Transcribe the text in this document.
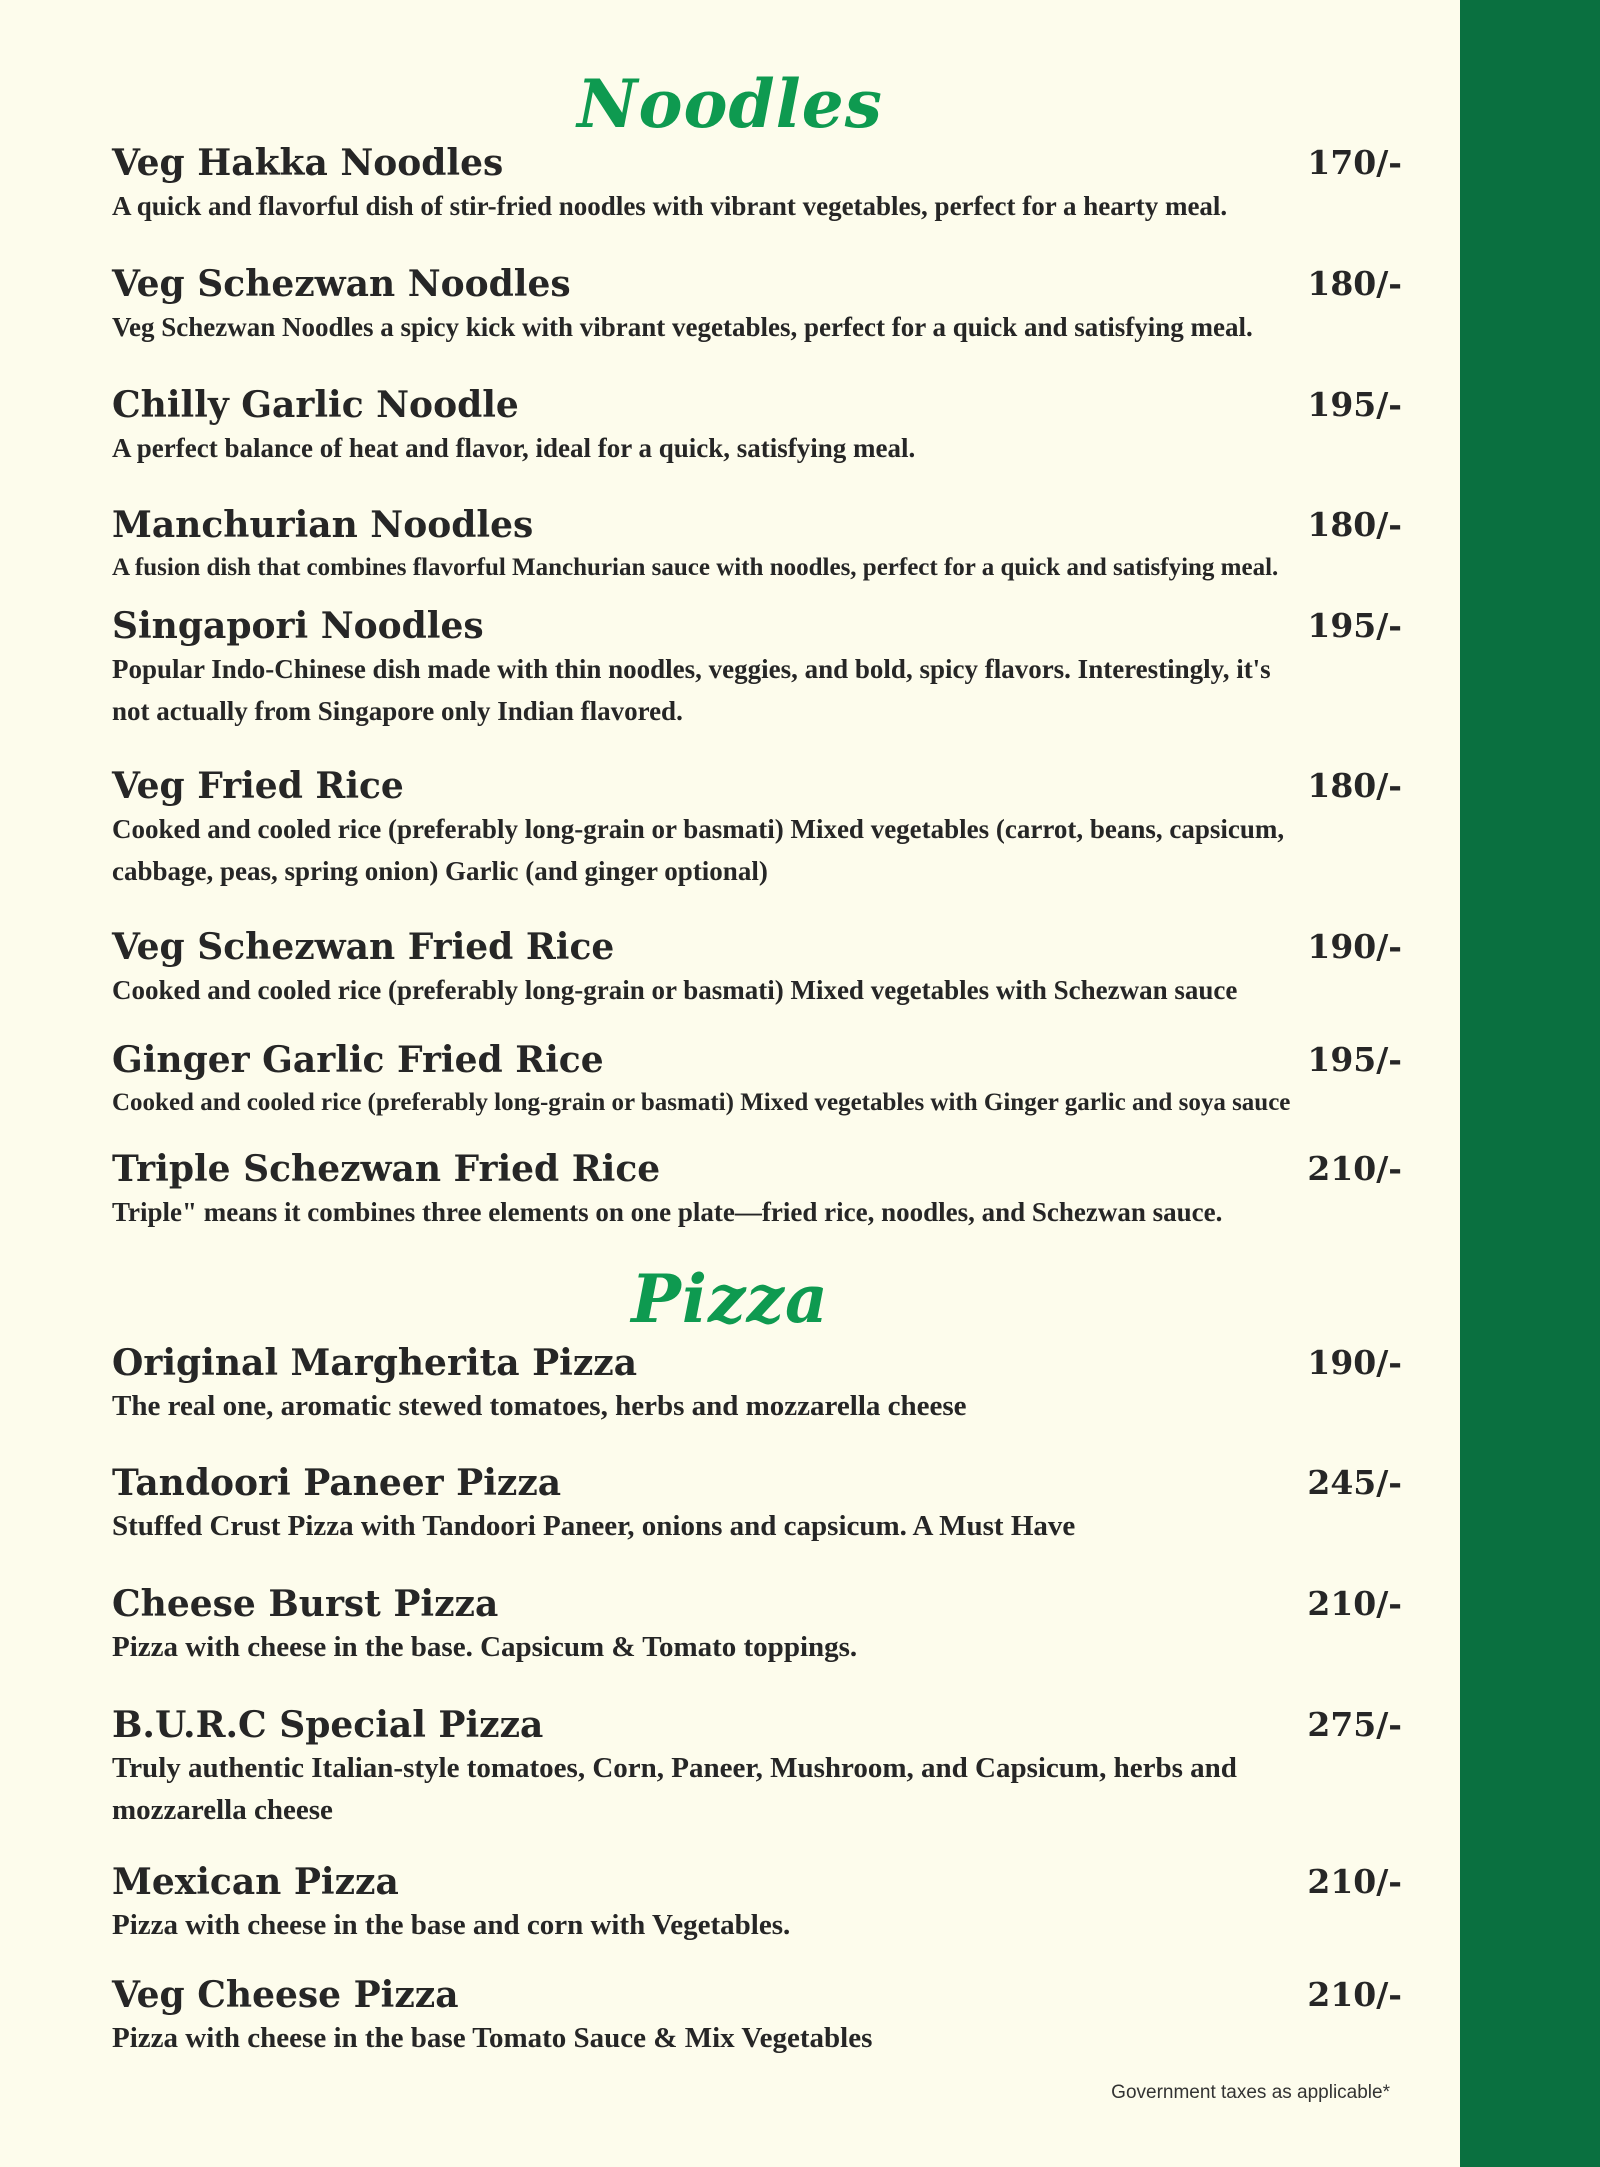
Noodles
Veg Hakka Noodles	170/-
A quick and flavorful dish of stir-fried noodles with vibrant vegetables, perfect for a hearty meal.
Veg Schezwan Noodles	180/-
Veg Schezwan Noodles a spicy kick with vibrant vegetables, perfect for a quick and satisfying meal.
Chilly Garlic Noodle	195/-
A perfect balance of heat and flavor, ideal for a quick, satisfying meal.
Manchurian Noodles	180/-
A fusion dish that combines flavorful Manchurian sauce with noodles, perfect for a quick and satisfying meal.
Singapori Noodles	195/-
Popular Indo-Chinese dish made with thin noodles, veggies, and bold, spicy flavors. Interestingly, it's not actually from Singapore only Indian flavored.
Veg Fried Rice	180/-
Cooked and cooled rice (preferably long-grain or basmati) Mixed vegetables (carrot, beans, capsicum, cabbage, peas, spring onion) Garlic (and ginger optional)
Veg Schezwan Fried Rice	190/-
Cooked and cooled rice (preferably long-grain or basmati) Mixed vegetables with Schezwan sauce
Ginger Garlic Fried Rice	195/-
Cooked and cooled rice (preferably long-grain or basmati) Mixed vegetables with Ginger garlic and soya sauce
Triple Schezwan Fried Rice	210/-
Triple" means it combines three elements on one plate—fried rice, noodles, and Schezwan sauce.
Pizza
Original Margherita Pizza	190/-
The real one, aromatic stewed tomatoes, herbs and mozzarella cheese
Tandoori Paneer Pizza	245/-
Stuffed Crust Pizza with Tandoori Paneer, onions and capsicum. A Must Have
Cheese Burst Pizza	210/-
Pizza with cheese in the base. Capsicum & Tomato toppings.
B.U.R.C Special Pizza	275/-
Truly authentic Italian-style tomatoes, Corn, Paneer, Mushroom, and Capsicum, herbs and mozzarella cheese
Mexican Pizza	210/-
Pizza with cheese in the base and corn with Vegetables.
Veg Cheese Pizza	210/-
Pizza with cheese in the base Tomato Sauce & Mix Vegetables
Government taxes as applicable*
